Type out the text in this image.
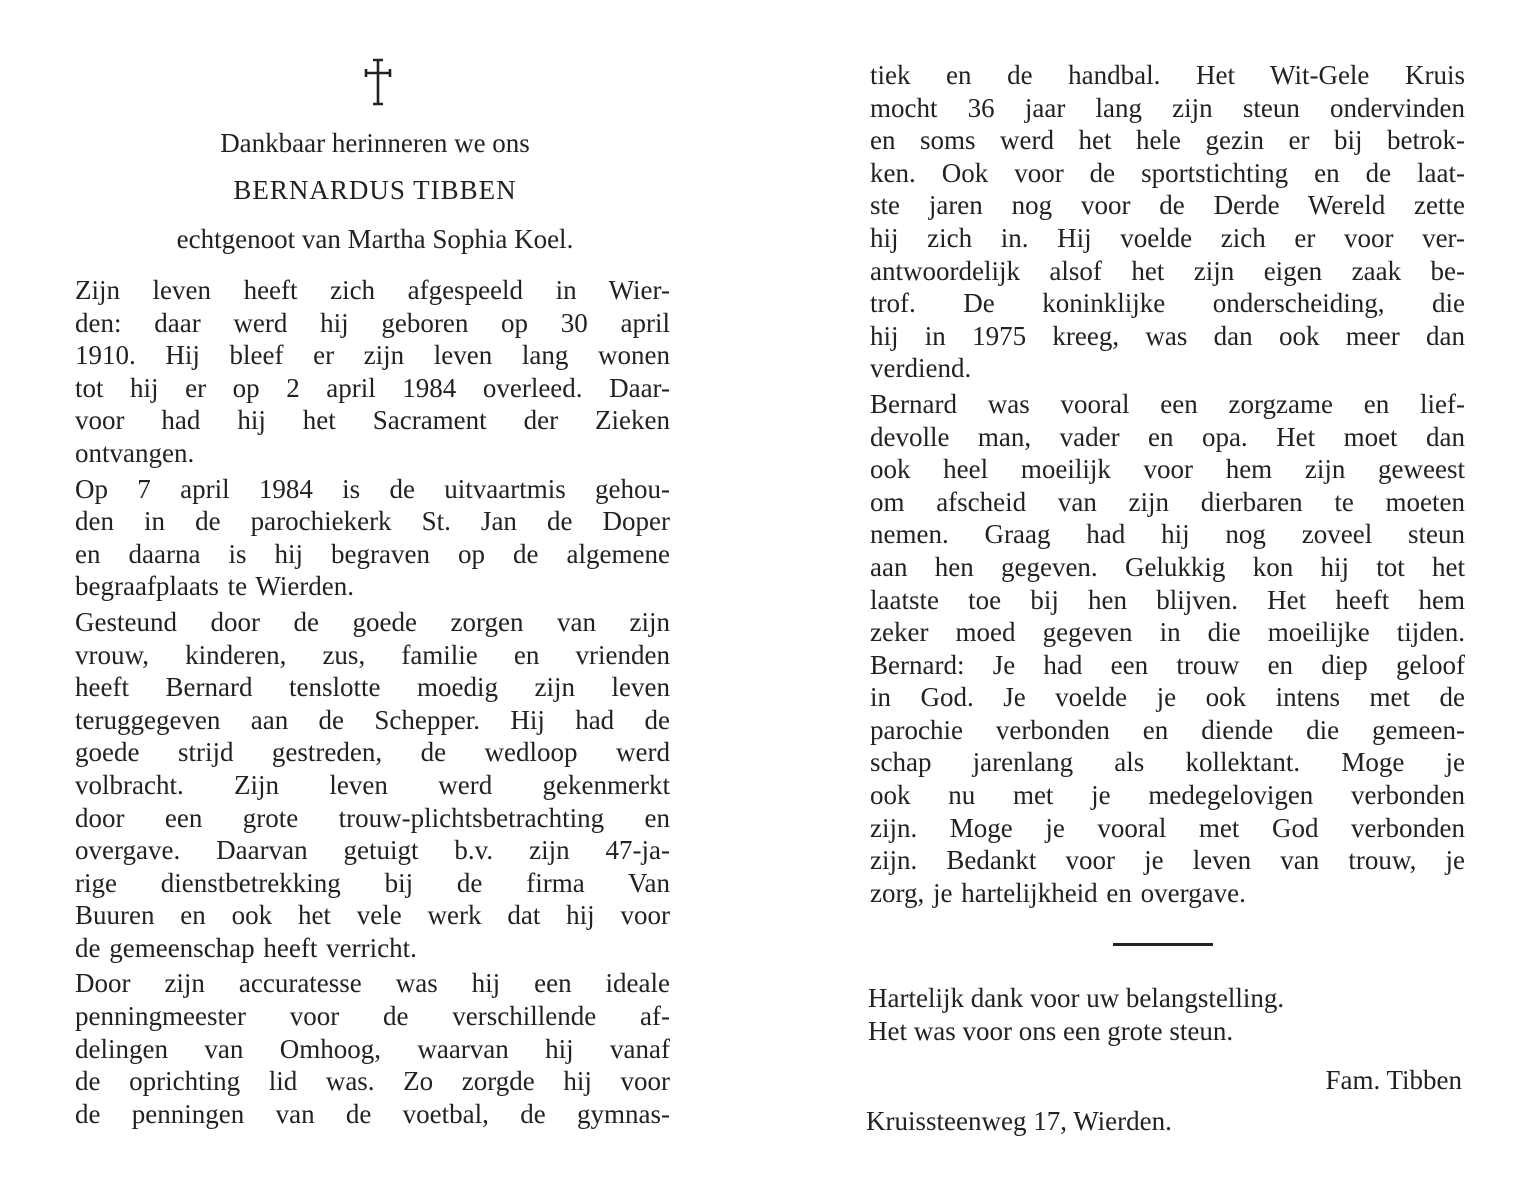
Dankbaar herinneren we ons
BERNARDUS TIBBEN
echtgenoot van Martha Sophia Koel.
Zijn leven heeft zich afgespeeld in Wier-
den: daar werd hij geboren op 30 april
1910. Hij bleef er zijn leven lang wonen
tot hij er op 2 april 1984 overleed. Daar-
voor had hij het Sacrament der Zieken
ontvangen.
Op 7 april 1984 is de uitvaartmis gehou-
den in de parochiekerk St. Jan de Doper
en daarna is hij begraven op de algemene
begraafplaats te Wierden.
Gesteund door de goede zorgen van zijn
vrouw, kinderen, zus, familie en vrienden
heeft Bernard tenslotte moedig zijn leven
teruggegeven aan de Schepper. Hij had de
goede strijd gestreden, de wedloop werd
volbracht. Zijn leven werd gekenmerkt
door een grote trouw-plichtsbetrachting en
overgave. Daarvan getuigt b.v. zijn 47-ja-
rige dienstbetrekking bij de firma Van
Buuren en ook het vele werk dat hij voor
de gemeenschap heeft verricht.
Door zijn accuratesse was hij een ideale
penningmeester voor de verschillende af-
delingen van Omhoog, waarvan hij vanaf
de oprichting lid was. Zo zorgde hij voor
de penningen van de voetbal, de gymnas-
tiek en de handbal. Het Wit-Gele Kruis
mocht 36 jaar lang zijn steun ondervinden
en soms werd het hele gezin er bij betrok-
ken. Ook voor de sportstichting en de laat-
ste jaren nog voor de Derde Wereld zette
hij zich in. Hij voelde zich er voor ver-
antwoordelijk alsof het zijn eigen zaak be-
trof. De koninklijke onderscheiding, die
hij in 1975 kreeg, was dan ook meer dan
verdiend.
Bernard was vooral een zorgzame en lief-
devolle man, vader en opa. Het moet dan
ook heel moeilijk voor hem zijn geweest
om afscheid van zijn dierbaren te moeten
nemen. Graag had hij nog zoveel steun
aan hen gegeven. Gelukkig kon hij tot het
laatste toe bij hen blijven. Het heeft hem
zeker moed gegeven in die moeilijke tijden.
Bernard: Je had een trouw en diep geloof
in God. Je voelde je ook intens met de
parochie verbonden en diende die gemeen-
schap jarenlang als kollektant. Moge je
ook nu met je medegelovigen verbonden
zijn. Moge je vooral met God verbonden
zijn. Bedankt voor je leven van trouw, je
zorg, je hartelijkheid en overgave.
Hartelijk dank voor uw belangstelling.
Het was voor ons een grote steun.
Fam. Tibben
Kruissteenweg 17, Wierden.
